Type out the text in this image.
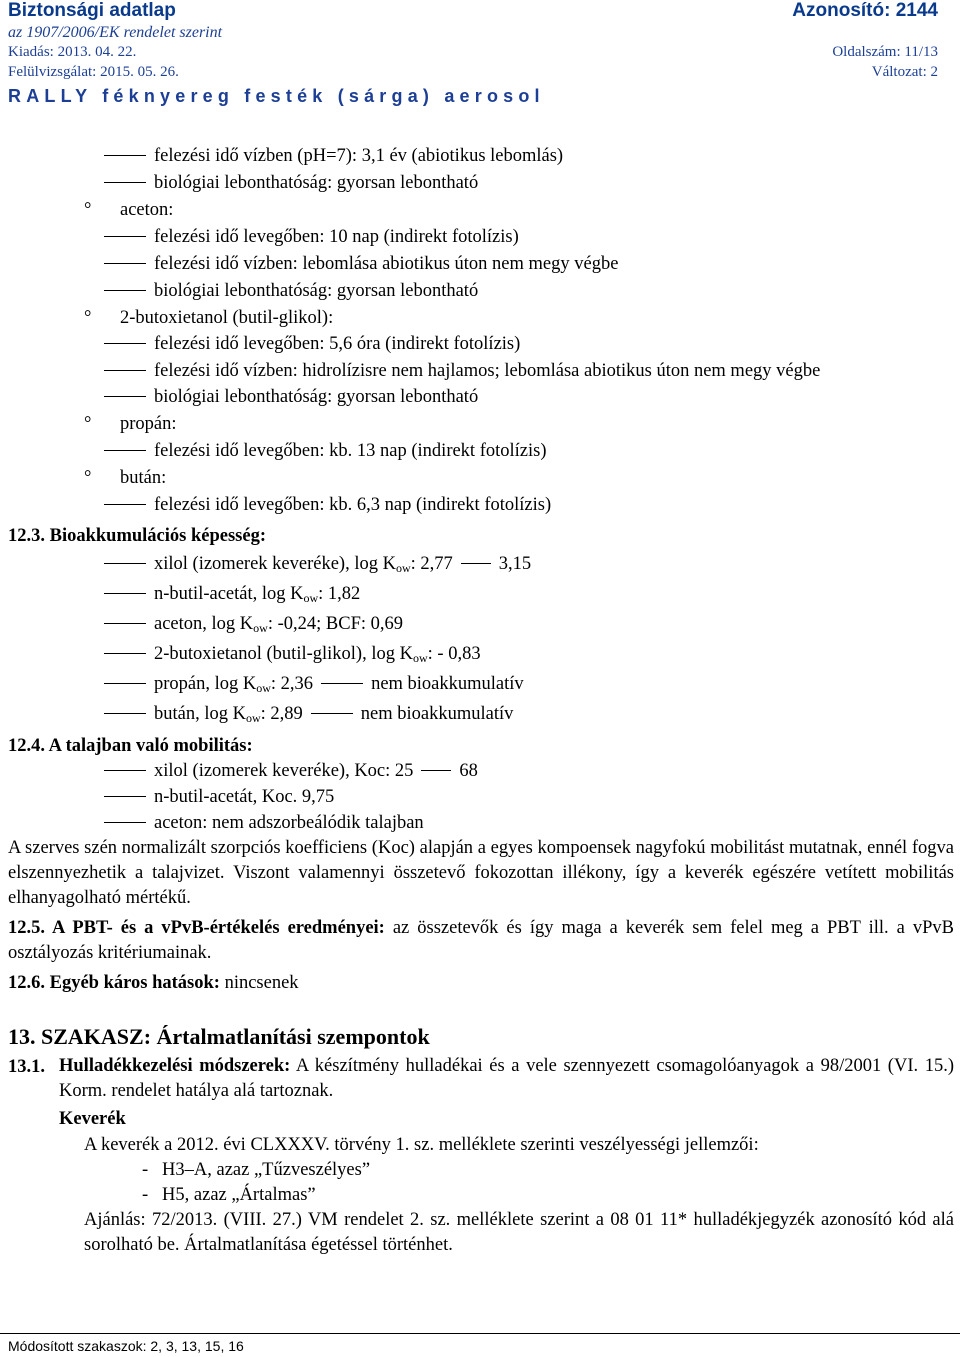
Biztonsági adatlap	Azonosító: 2144
az 1907/2006/EK rendelet szerint
Kiadás: 2013. 04. 22.	Oldalszám: 11/13
Felülvizsgálat: 2015. 05. 26.	Változat: 2
RALLY féknyereg festék (sárga) aerosol
felezési idő vízben (pH=7): 3,1 év (abiotikus lebomlás)
biológiai lebonthatóság: gyorsan lebontható
° aceton:
felezési idő levegőben: 10 nap (indirekt fotolízis)
felezési idő vízben: lebomlása abiotikus úton nem megy végbe
biológiai lebonthatóság: gyorsan lebontható
° 2-butoxietanol (butil-glikol):
felezési idő levegőben: 5,6 óra (indirekt fotolízis)
felezési idő vízben: hidrolízisre nem hajlamos; lebomlása abiotikus úton nem megy végbe
biológiai lebonthatóság: gyorsan lebontható
° propán:
felezési idő levegőben: kb. 13 nap (indirekt fotolízis)
° bután:
felezési idő levegőben: kb. 6,3 nap (indirekt fotolízis)
12.3. Bioakkumulációs képesség:
xilol (izomerek keveréke), $\log K_{ow}$: 2,77 3,15
n-butil-acetát, $\log K_{ow}$: 1,82
aceton, $\log K_{ow}$: -0,24; BCF: 0,69
2-butoxietanol (butil-glikol), $\log K_{ow}$: - 0,83
propán, $\log K_{ow}$: 2,36	nem bioakkumulatív
bután, $\log K_{ow}$: 2,89	nem bioakkumulatív
12.4. A talajban való mobilitás:
xilol (izomerek keveréke), Koc: 25 68
n-butil-acetát, Koc. 9,75
aceton: nem adszorbeálódik talajban
A szerves szén normalizált szorpciós koefficiens (Koc) alapján a egyes kompoensek nagyfokú mobilitást mutatnak, ennél fogva elszennyezhetik a talajvizet. Viszont valamennyi összetevő fokozottan illékony, így a keverék egészére vetített mobilitás elhanyagolható mértékű.
12.5. A PBT- és a vPvB-értékelés eredményei: az összetevők és így maga a keverék sem felel meg a PBT ill. a vPvB osztályozás kritériumainak.
12.6. Egyéb káros hatások: nincsenek
13. SZAKASZ: Ártalmatlanítási szempontok
13.1. Hulladékkezelési módszerek: A készítmény hulladékai és a vele szennyezett csomagolóanyagok a 98/2001 (VI. 15.) Korm. rendelet hatálya alá tartoznak.
Keverék
A keverék a 2012. évi CLXXXV. törvény 1. sz. melléklete szerinti veszélyességi jellemzői:
-   H3–A, azaz „Tűzveszélyes”
-   H5, azaz „Ártalmas”
Ajánlás: 72/2013. (VIII. 27.) VM rendelet 2. sz. melléklete szerint a 08 01 11* hulladékjegyzék azonosító kód alá sorolható be. Ártalmatlanítása égetéssel történhet.
Módosított szakaszok: 2, 3, 13, 15, 16
